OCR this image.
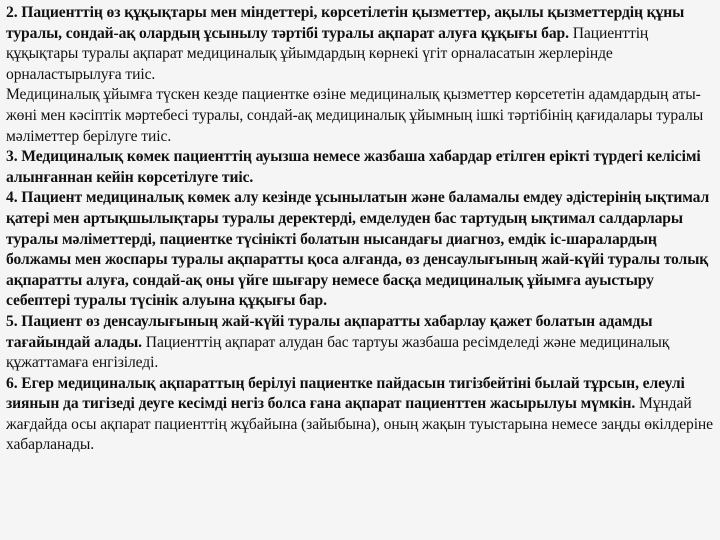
2. Пациенттің өз құқықтары мен міндеттері, көрсетілетін қызметтер, ақылы қызметтердің құны туралы, сондай-ақ олардың ұсынылу тәртібі туралы ақпарат алуға құқығы бар. Пациенттің құқықтары туралы ақпарат медициналық ұйымдардың көрнекі үгіт орналасатын жерлерінде орналастырылуға тиіс.

Медициналық ұйымға түскен кезде пациентке өзіне медициналық қызметтер көрсететін адамдардың аты-жөні мен кәсіптік мәртебесі туралы, сондай-ақ медициналық ұйымның ішкі тәртібінің қағидалары туралы мәліметтер берілуге тиіс.

3. Медициналық көмек пациенттің ауызша немесе жазбаша хабардар етілген ерікті түрдегі келісімі алынғаннан кейін көрсетілуге тиіс.

4. Пациент медициналық көмек алу кезінде ұсынылатын және баламалы емдеу әдістерінің ықтимал қатері мен артықшылықтары туралы деректерді, емделуден бас тартудың ықтимал салдарлары туралы мәліметтерді, пациентке түсінікті болатын нысандағы диагноз, емдік іс-шаралардың болжамы мен жоспары туралы ақпаратты қоса алғанда, өз денсаулығының жай-күйі туралы толық ақпаратты алуға, сондай-ақ оны үйге шығару немесе басқа медициналық ұйымға ауыстыру себептері туралы түсінік алуына құқығы бар.

5. Пациент өз денсаулығының жай-күйі туралы ақпаратты хабарлау қажет болатын адамды тағайындай алады. Пациенттің ақпарат алудан бас тартуы жазбаша ресімделеді және медициналық құжаттамаға енгізіледі.

6. Егер медициналық ақпараттың берілуі пациентке пайдасын тигізбейтіні былай тұрсын, елеулі зиянын да тигізеді деуге кесімді негіз болса ғана ақпарат пациенттен жасырылуы мүмкін. Мұндай жағдайда осы ақпарат пациенттің жұбайына (зайыбына), оның жақын туыстарына немесе заңды өкілдеріне хабарланады.
